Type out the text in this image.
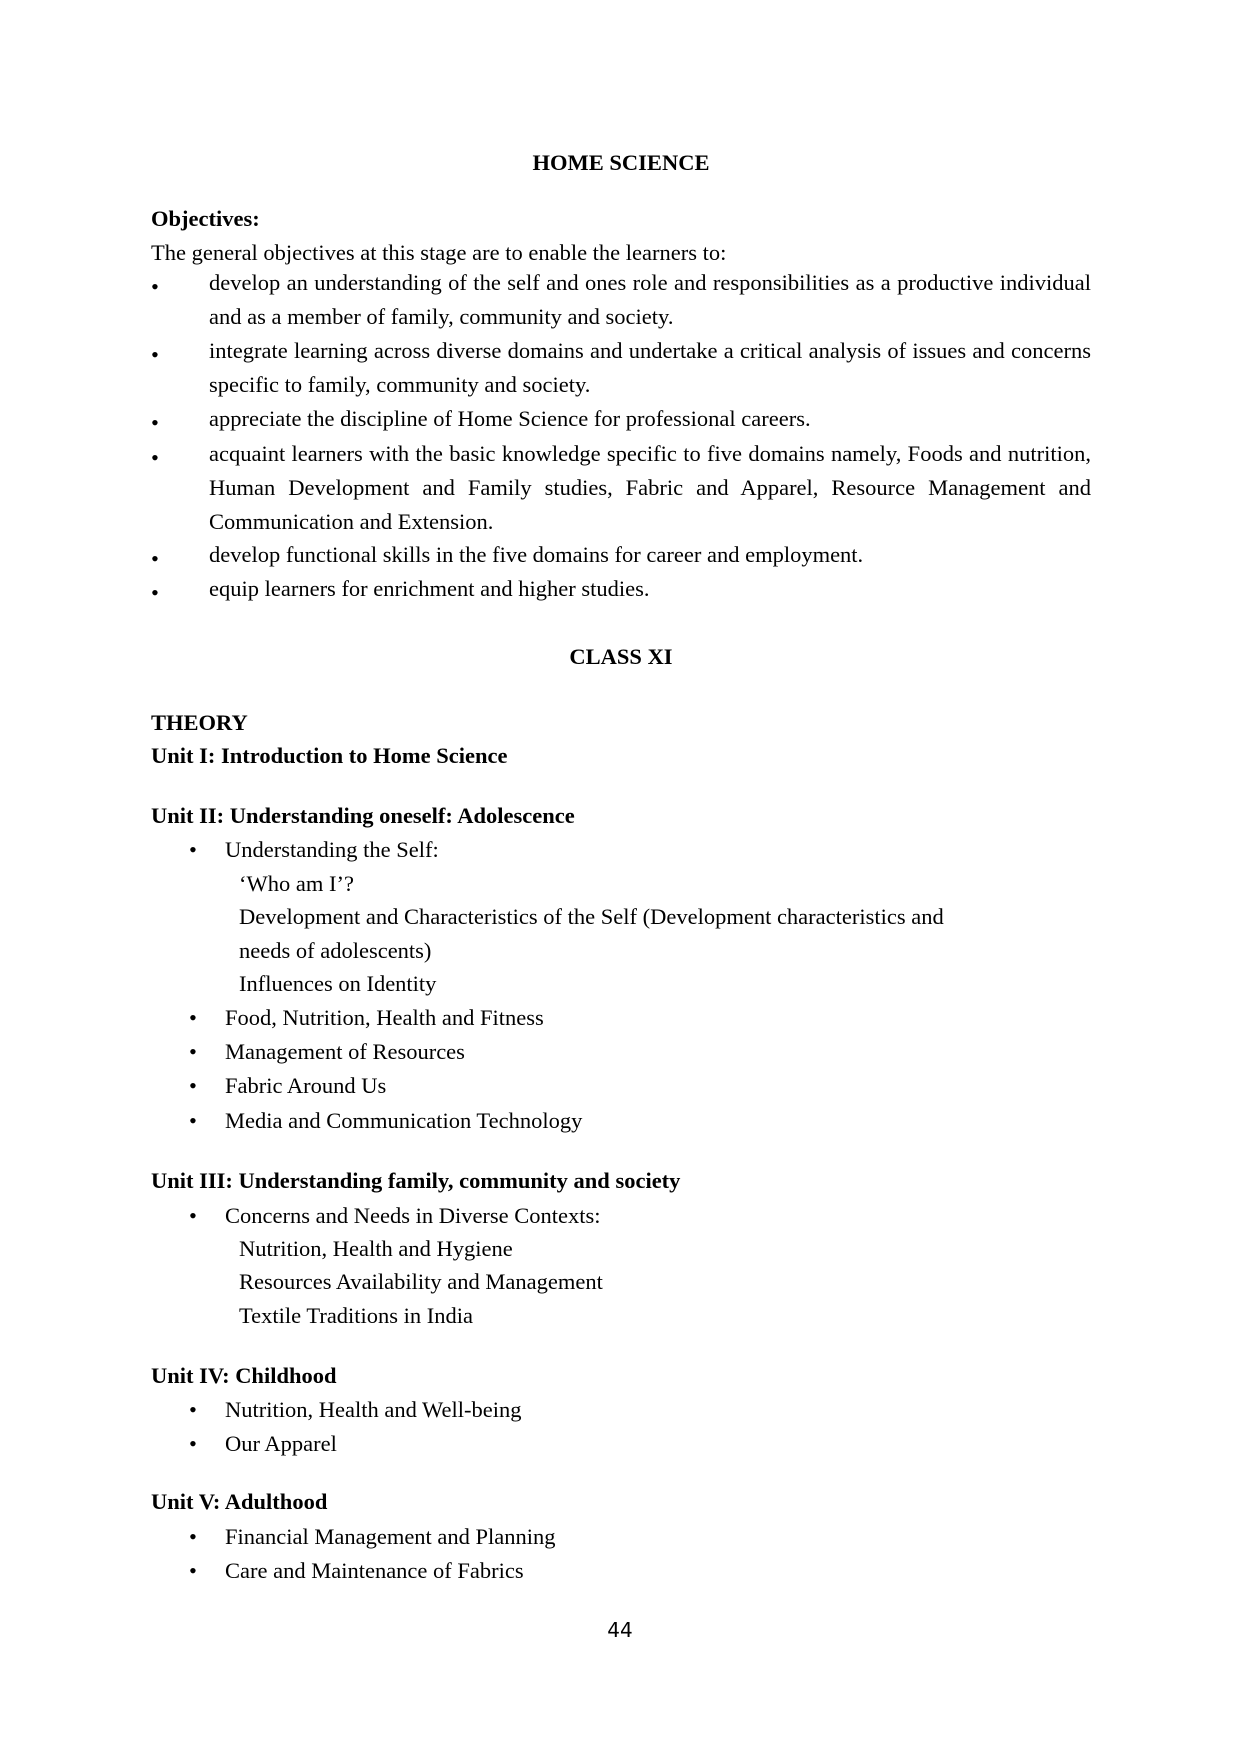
HOME SCIENCE
Objectives:
The general objectives at this stage are to enable the learners to:
• develop an understanding of the self and ones role and responsibilities as a productive individual and as a member of family, community and society.
• integrate learning across diverse domains and undertake a critical analysis of issues and concerns specific to family, community and society.
• appreciate the discipline of Home Science for professional careers.
• acquaint learners with the basic knowledge specific to five domains namely, Foods and nutrition, Human Development and Family studies, Fabric and Apparel, Resource Management and Communication and Extension.
• develop functional skills in the five domains for career and employment.
• equip learners for enrichment and higher studies.
CLASS XI
THEORY
Unit I: Introduction to Home Science
Unit II: Understanding oneself: Adolescence
• Understanding the Self:
‘Who am I’?
Development and Characteristics of the Self (Development characteristics and
needs of adolescents)
Influences on Identity
• Food, Nutrition, Health and Fitness
• Management of Resources
• Fabric Around Us
• Media and Communication Technology
Unit III: Understanding family, community and society
• Concerns and Needs in Diverse Contexts:
Nutrition, Health and Hygiene
Resources Availability and Management
Textile Traditions in India
Unit IV: Childhood
• Nutrition, Health and Well-being
• Our Apparel
Unit V: Adulthood
• Financial Management and Planning
• Care and Maintenance of Fabrics
44
